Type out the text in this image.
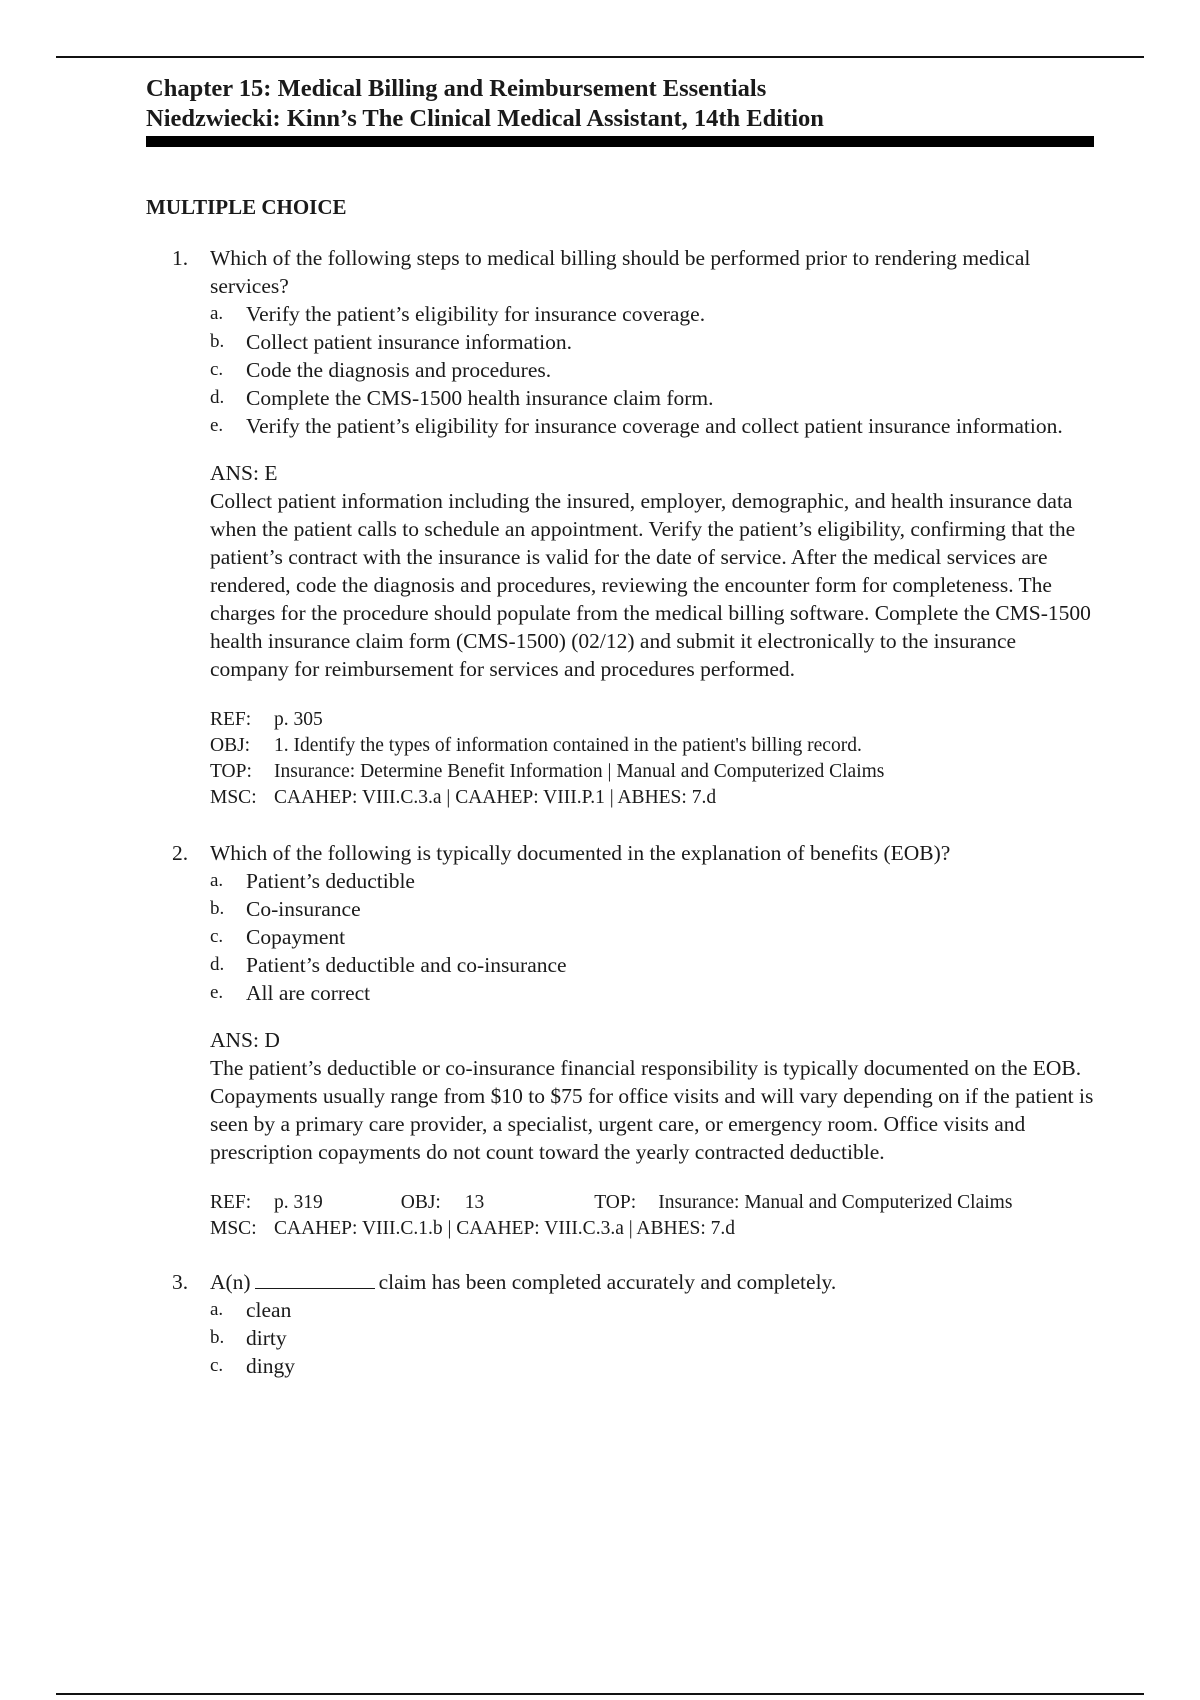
Chapter 15: Medical Billing and Reimbursement Essentials
Niedzwiecki: Kinn’s The Clinical Medical Assistant, 14th Edition
MULTIPLE CHOICE
1. Which of the following steps to medical billing should be performed prior to rendering medical services?
a. Verify the patient’s eligibility for insurance coverage.
b. Collect patient insurance information.
c. Code the diagnosis and procedures.
d. Complete the CMS-1500 health insurance claim form.
e. Verify the patient’s eligibility for insurance coverage and collect patient insurance information.
ANS: E
Collect patient information including the insured, employer, demographic, and health insurance data when the patient calls to schedule an appointment. Verify the patient’s eligibility, confirming that the patient’s contract with the insurance is valid for the date of service. After the medical services are rendered, code the diagnosis and procedures, reviewing the encounter form for completeness. The charges for the procedure should populate from the medical billing software. Complete the CMS-1500 health insurance claim form (CMS-1500) (02/12) and submit it electronically to the insurance company for reimbursement for services and procedures performed.
REF:	p. 305
OBJ:	1. Identify the types of information contained in the patient's billing record.
TOP:	Insurance: Determine Benefit Information | Manual and Computerized Claims
MSC: CAAHEP: VIII.C.3.a | CAAHEP: VIII.P.1 | ABHES: 7.d
2. Which of the following is typically documented in the explanation of benefits (EOB)?
a. Patient’s deductible
b. Co-insurance
c. Copayment
d. Patient’s deductible and co-insurance
e. All are correct
ANS: D
The patient’s deductible or co-insurance financial responsibility is typically documented on the EOB. Copayments usually range from $10 to $75 for office visits and will vary depending on if the patient is seen by a primary care provider, a specialist, urgent care, or emergency room. Office visits and prescription copayments do not count toward the yearly contracted deductible.
REF:	p. 319	OBJ:	13	TOP:	Insurance: Manual and Computerized Claims
MSC: CAAHEP: VIII.C.1.b | CAAHEP: VIII.C.3.a | ABHES: 7.d
3. A(n)	claim has been completed accurately and completely.
a. clean
b. dirty
c. dingy
